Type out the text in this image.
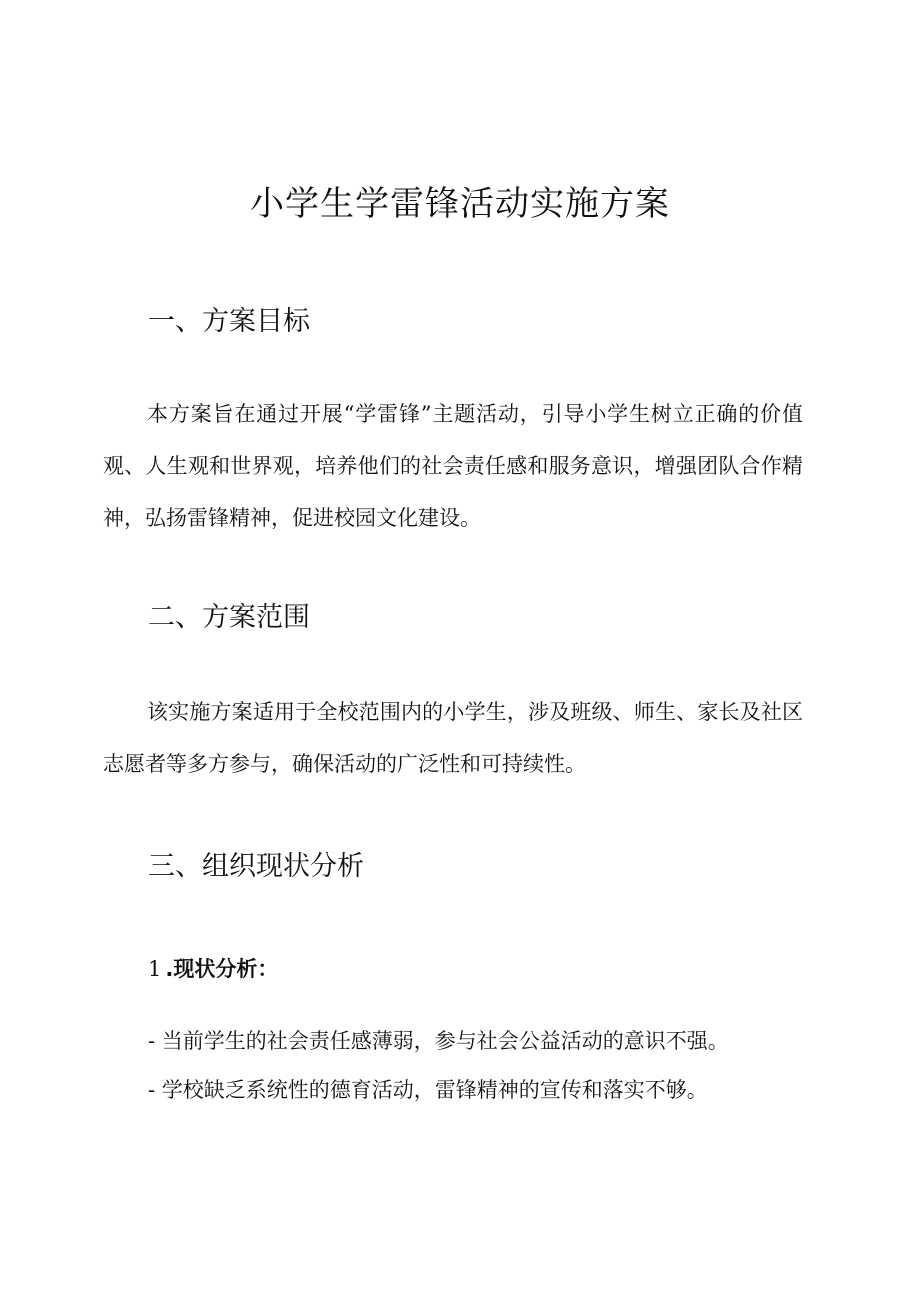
小学生学雷锋活动实施方案
一、方案目标

本方案旨在通过开展“学雷锋”主题活动，引导小学生树立正确的价值观、人生观和世界观，培养他们的社会责任感和服务意识，增强团队合作精神，弘扬雷锋精神，促进校园文化建设。

二、方案范围

该实施方案适用于全校范围内的小学生，涉及班级、师生、家长及社区志愿者等多方参与，确保活动的广泛性和可持续性。

三、组织现状分析

1 .现状分析：

- 当前学生的社会责任感薄弱，参与社会公益活动的意识不强。

- 学校缺乏系统性的德育活动，雷锋精神的宣传和落实不够。
